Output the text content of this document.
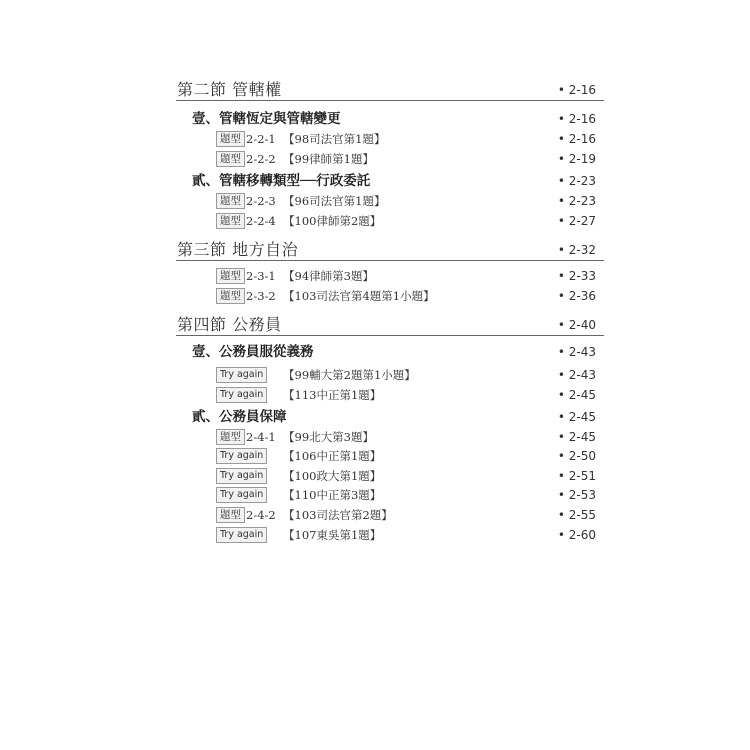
第二節 管轄權	• 2-16
壹、管轄恆定與管轄變更	• 2-16
題型 2-2-1 【98司法官第1題】	• 2-16
題型 2-2-2 【99律師第1題】	• 2-19
貳、管轄移轉類型──行政委託	• 2-23
題型 2-2-3 【96司法官第1題】	• 2-23
題型 2-2-4 【100律師第2題】	• 2-27
第三節 地方自治	• 2-32
題型 2-3-1 【94律師第3題】	• 2-33
題型 2-3-2 【103司法官第4題第1小題】	• 2-36
第四節 公務員	• 2-40
壹、公務員服從義務	• 2-43
Try again	【99輔大第2題第1小題】	• 2-43
Try again	【113中正第1題】	• 2-45
貳、公務員保障	• 2-45
題型 2-4-1 【99北大第3題】	• 2-45
Try again	【106中正第1題】	• 2-50
Try again	【100政大第1題】	• 2-51
Try again	【110中正第3題】	• 2-53
題型 2-4-2 【103司法官第2題】	• 2-55
Try again	【107東吳第1題】	• 2-60
